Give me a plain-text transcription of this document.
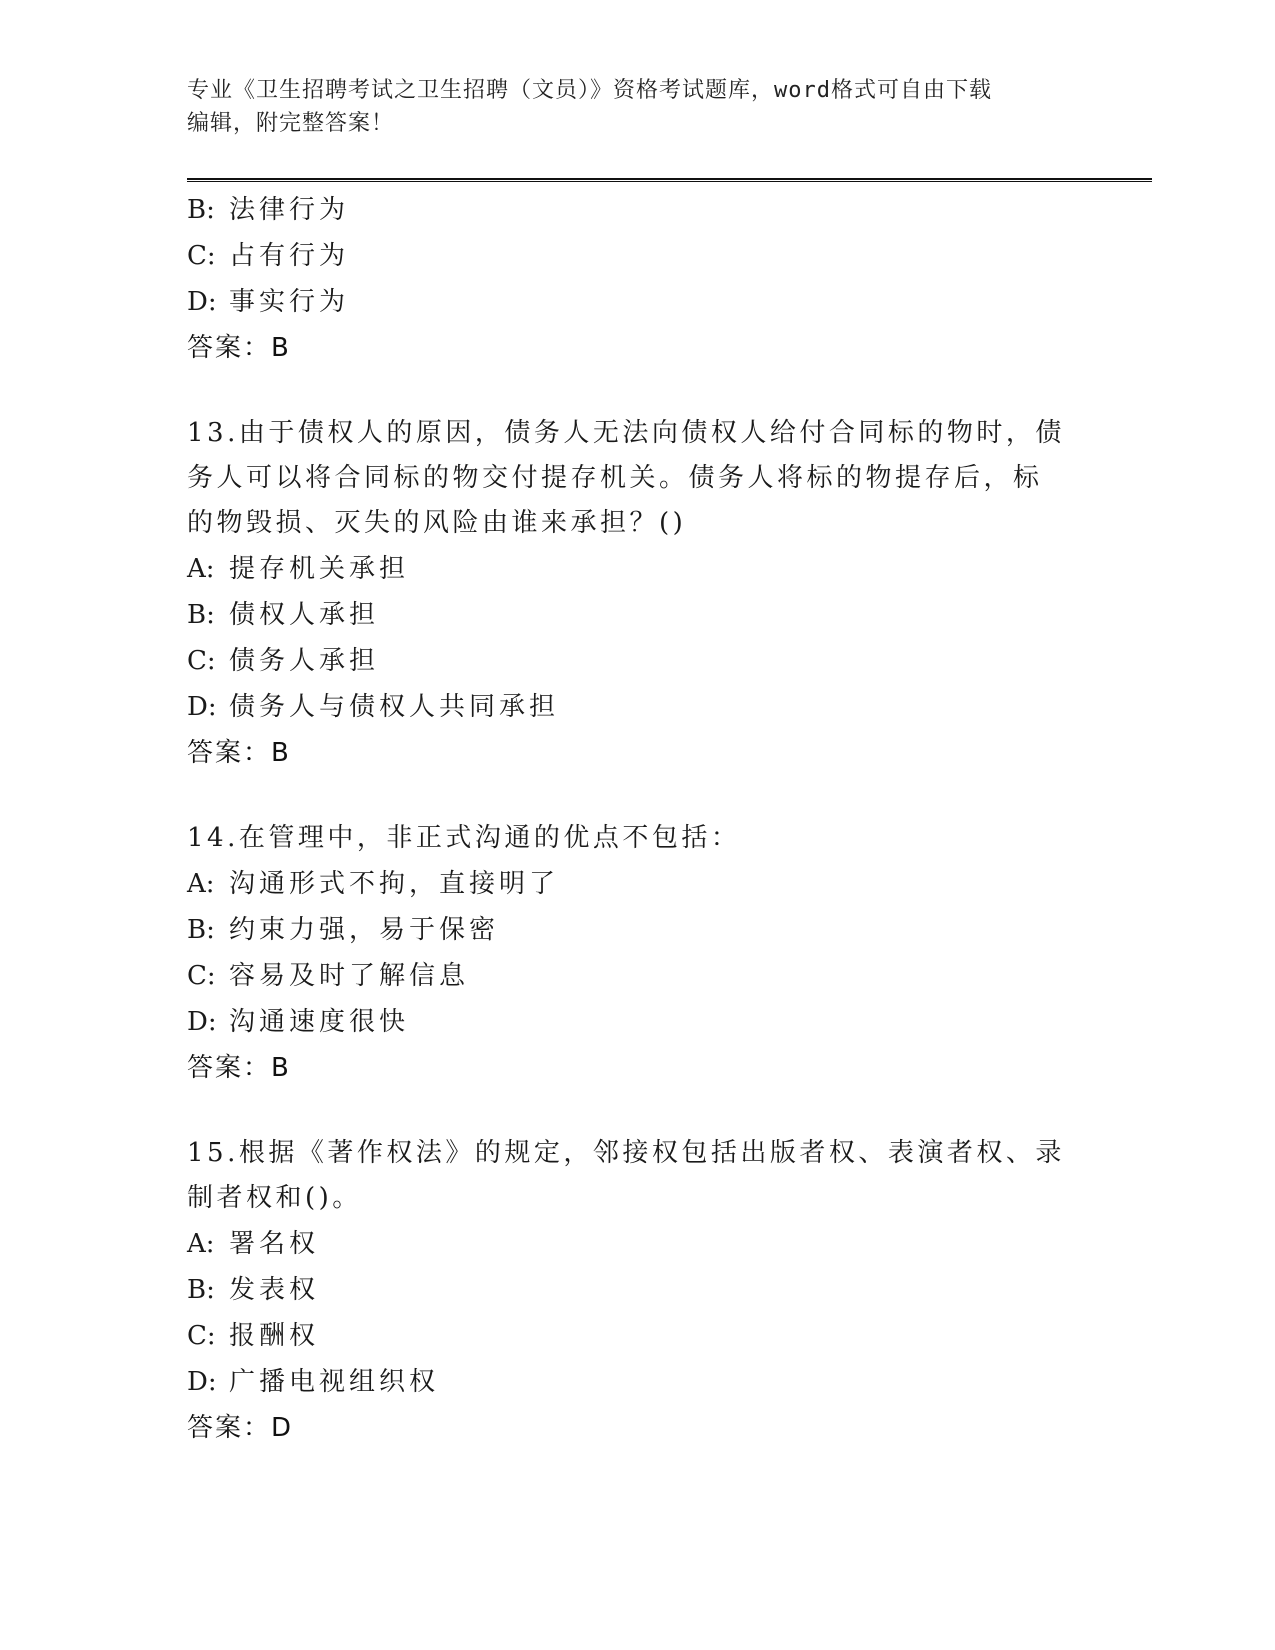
专业《卫生招聘考试之卫生招聘（文员）》资格考试题库，word格式可自由下载
编辑，附完整答案！
B: 法律行为
C: 占有行为
D: 事实行为
答案：B
13.由于债权人的原因，债务人无法向债权人给付合同标的物时，债务人可以将合同标的物交付提存机关。债务人将标的物提存后，标的物毁损、灭失的风险由谁来承担？()
A: 提存机关承担
B: 债权人承担
C: 债务人承担
D: 债务人与债权人共同承担
答案：B
14.在管理中，非正式沟通的优点不包括：
A: 沟通形式不拘，直接明了
B: 约束力强，易于保密
C: 容易及时了解信息
D: 沟通速度很快
答案：B
15.根据《著作权法》的规定，邻接权包括出版者权、表演者权、录制者权和()。
A: 署名权
B: 发表权
C: 报酬权
D: 广播电视组织权
答案：D
